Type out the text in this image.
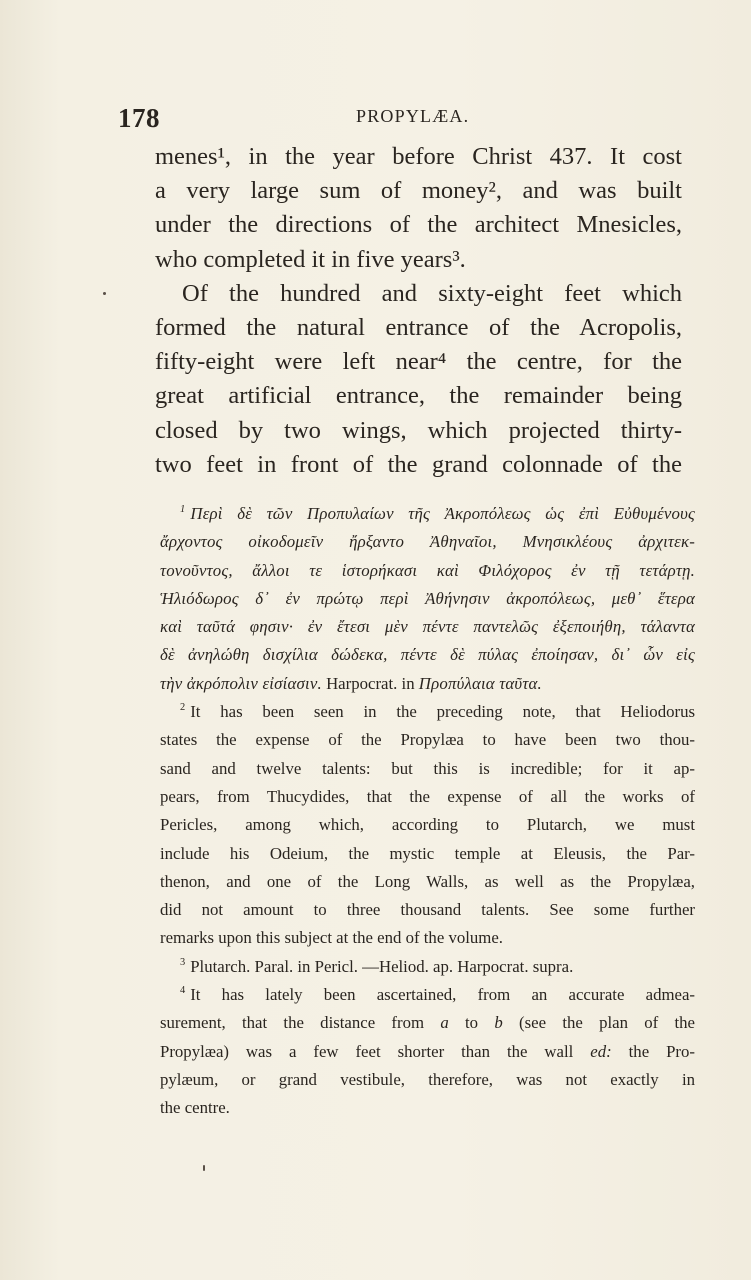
178	PROPYLÆA.
menes¹, in the year before Christ 437. It cost
a very large sum of money², and was built
under the directions of the architect Mnesicles,
who completed it in five years³.
Of the hundred and sixty-eight feet which
formed the natural entrance of the Acropolis,
fifty-eight were left near⁴ the centre, for the
great artificial entrance, the remainder being
closed by two wings, which projected thirty-
two feet in front of the grand colonnade of the
$^1$ Περὶ δὲ τῶν Προπυλαίων τῆς Ἀκροπόλεως ὡς ἐπὶ Εὐθυμένους
ἄρχοντος οἰκοδομεῖν ἤρξαντο Ἀθηναῖοι, Μνησικλέους ἀρχιτεκ-
τονοῦντος, ἄλλοι τε ἱστορήκασι καὶ Φιλόχορος ἐν τῇ τετάρτῃ.
Ἡλιόδωρος δ᾽ ἐν πρώτῳ περὶ Ἀθήνησιν ἀκροπόλεως, μεθ᾽ ἕτερα
καὶ ταῦτά φησιν· ἐν ἔτεσι μὲν πέντε παντελῶς ἐξεποιήθη, τάλαντα
δὲ ἀνηλώθη δισχίλια δώδεκα, πέντε δὲ πύλας ἐποίησαν, δι᾽ ὧν εἰς
τὴν ἀκρόπολιν εἰσίασιν. Harpocrat. in Προπύλαια ταῦτα.
$^2$ It has been seen in the preceding note, that Heliodorus
states the expense of the Propylæa to have been two thou-
sand and twelve talents: but this is incredible; for it ap-
pears, from Thucydides, that the expense of all the works of
Pericles, among which, according to Plutarch, we must
include his Odeium, the mystic temple at Eleusis, the Par-
thenon, and one of the Long Walls, as well as the Propylæa,
did not amount to three thousand talents. See some further
remarks upon this subject at the end of the volume.
$^3$ Plutarch. Paral. in Pericl. —Heliod. ap. Harpocrat. supra.
$^4$ It has lately been ascertained, from an accurate admea-
surement, that the distance from a to b (see the plan of the
Propylæa) was a few feet shorter than the wall ed: the Pro-
pylæum, or grand vestibule, therefore, was not exactly in
the centre.
